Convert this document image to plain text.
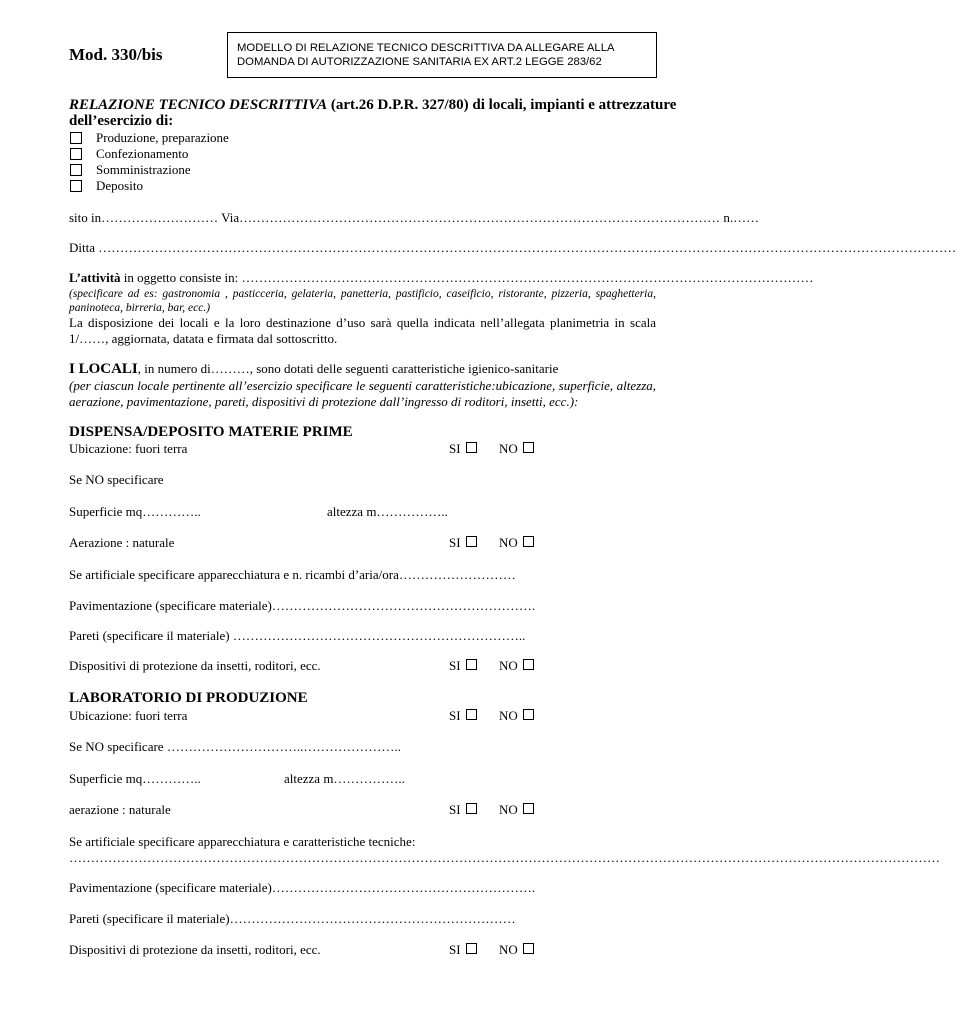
Mod. 330/bis	MODELLO DI RELAZIONE TECNICO DESCRITTIVA DA ALLEGARE ALLA
DOMANDA DI AUTORIZZAZIONE SANITARIA EX ART.2 LEGGE 283/62
RELAZIONE TECNICO DESCRITTIVA (art.26 D.P.R. 327/80) di locali, impianti e attrezzature
dell’esercizio di:
Produzione, preparazione
Confezionamento
Somministrazione
Deposito
sito in……………………… Via………………………………………………………………………………………………… n.……
Ditta ………………………………………………………………………………………………………………………………………………………………………………
L’attività in oggetto consiste in: ……………………………………………………………………………………………………………………
(specificare ad es: gastronomia , pasticceria, gelateria, panetteria, pastificio, caseificio, ristorante, pizzeria, spaghetteria, paninoteca, birreria, bar, ecc.)
La disposizione dei locali e la loro destinazione d’uso sarà quella indicata nell’allegata planimetria in scala 1/……, aggiornata, datata e firmata dal sottoscritto.
I LOCALI, in numero di………, sono dotati delle seguenti caratteristiche igienico-sanitarie
(per ciascun locale pertinente all’esercizio specificare le seguenti caratteristiche:ubicazione, superficie, altezza, aerazione, pavimentazione, pareti, dispositivi di protezione dall’ingresso di roditori, insetti, ecc.):
DISPENSA/DEPOSITO MATERIE PRIME
Ubicazione: fuori terra	SI	NO
Se NO specificare
Superficie mq…………..	altezza m……………..
Aerazione : naturale	SI	NO
Se artificiale specificare apparecchiatura e n. ricambi d’aria/ora………………………
Pavimentazione (specificare materiale)…………………………………………………….
Pareti (specificare il materiale) …………………………………………………………..
Dispositivi di protezione da insetti, roditori, ecc.	SI	NO
LABORATORIO DI PRODUZIONE
Ubicazione: fuori terra	SI	NO
Se NO specificare …………………………..…………………..
Superficie mq…………..	altezza m……………..
aerazione : naturale	SI	NO
Se artificiale specificare apparecchiatura e caratteristiche tecniche:
…………………………………………………………………………………………………………………………………………………………………………………
Pavimentazione (specificare materiale)…………………………………………………….
Pareti (specificare il materiale)…………………………………………………………
Dispositivi di protezione da insetti, roditori, ecc.	SI	NO
